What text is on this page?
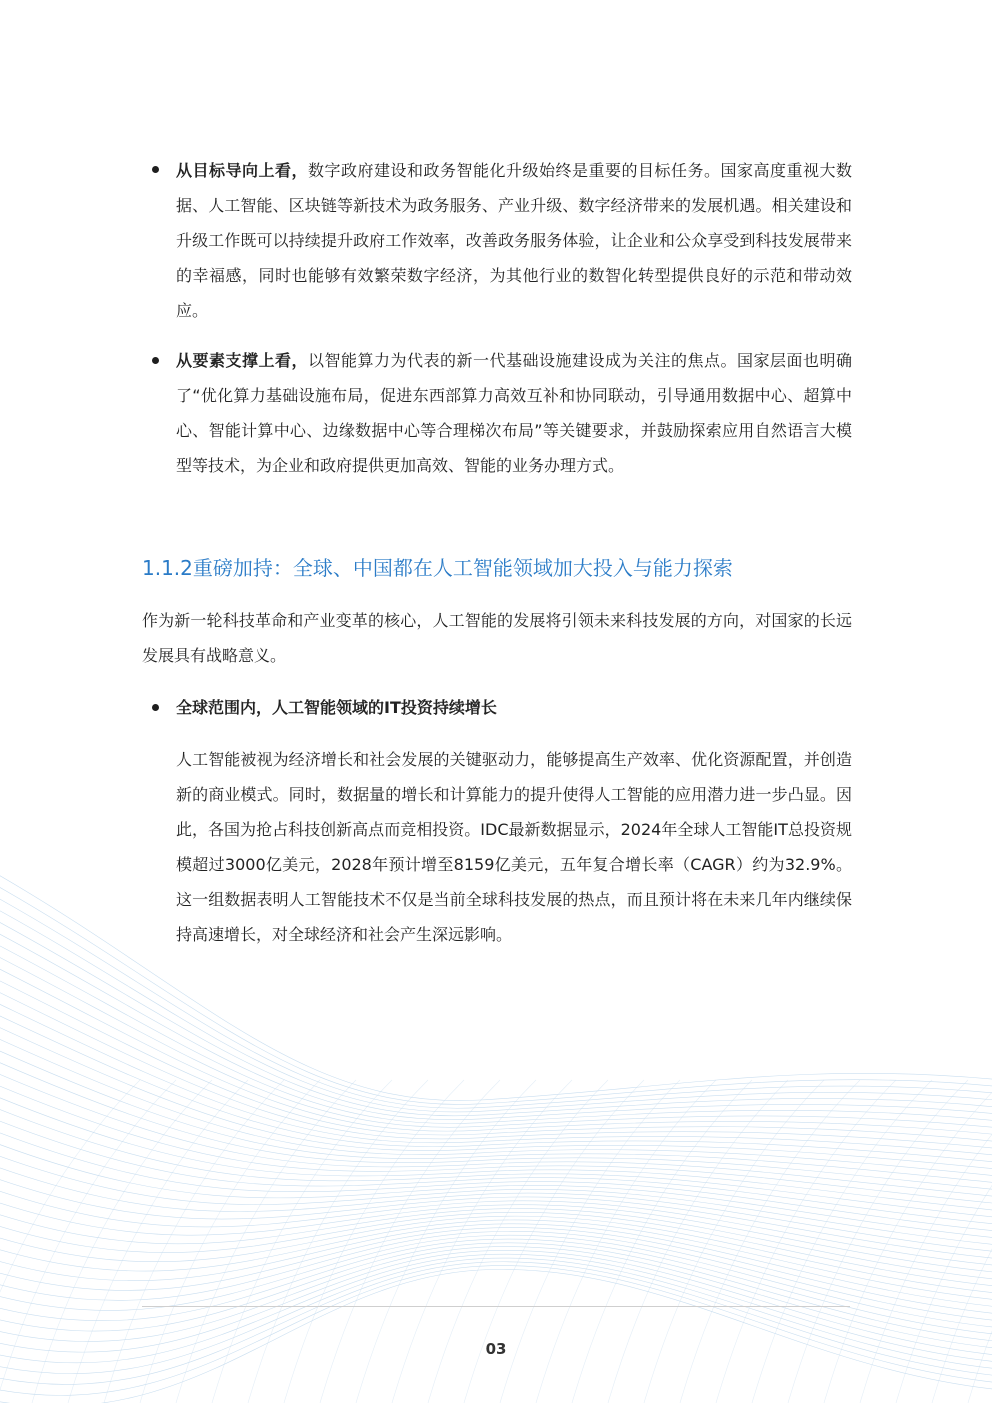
从目标导向上看，数字政府建设和政务智能化升级始终是重要的目标任务。国家高度重视大数据、人工智能、区块链等新技术为政务服务、产业升级、数字经济带来的发展机遇。相关建设和升级工作既可以持续提升政府工作效率，改善政务服务体验，让企业和公众享受到科技发展带来的幸福感，同时也能够有效繁荣数字经济，为其他行业的数智化转型提供良好的示范和带动效应。
从要素支撑上看，以智能算力为代表的新一代基础设施建设成为关注的焦点。国家层面也明确了“优化算力基础设施布局，促进东西部算力高效互补和协同联动，引导通用数据中心、超算中心、智能计算中心、边缘数据中心等合理梯次布局”等关键要求，并鼓励探索应用自然语言大模型等技术，为企业和政府提供更加高效、智能的业务办理方式。
1.1.2重磅加持：全球、中国都在人工智能领域加大投入与能力探索
作为新一轮科技革命和产业变革的核心，人工智能的发展将引领未来科技发展的方向，对国家的长远发展具有战略意义。
全球范围内，人工智能领域的IT投资持续增长
人工智能被视为经济增长和社会发展的关键驱动力，能够提高生产效率、优化资源配置，并创造新的商业模式。同时，数据量的增长和计算能力的提升使得人工智能的应用潜力进一步凸显。因此，各国为抢占科技创新高点而竞相投资。IDC最新数据显示，2024年全球人工智能IT总投资规模超过3000亿美元，2028年预计增至8159亿美元，五年复合增长率（CAGR）约为32.9%。这一组数据表明人工智能技术不仅是当前全球科技发展的热点，而且预计将在未来几年内继续保持高速增长，对全球经济和社会产生深远影响。
03
